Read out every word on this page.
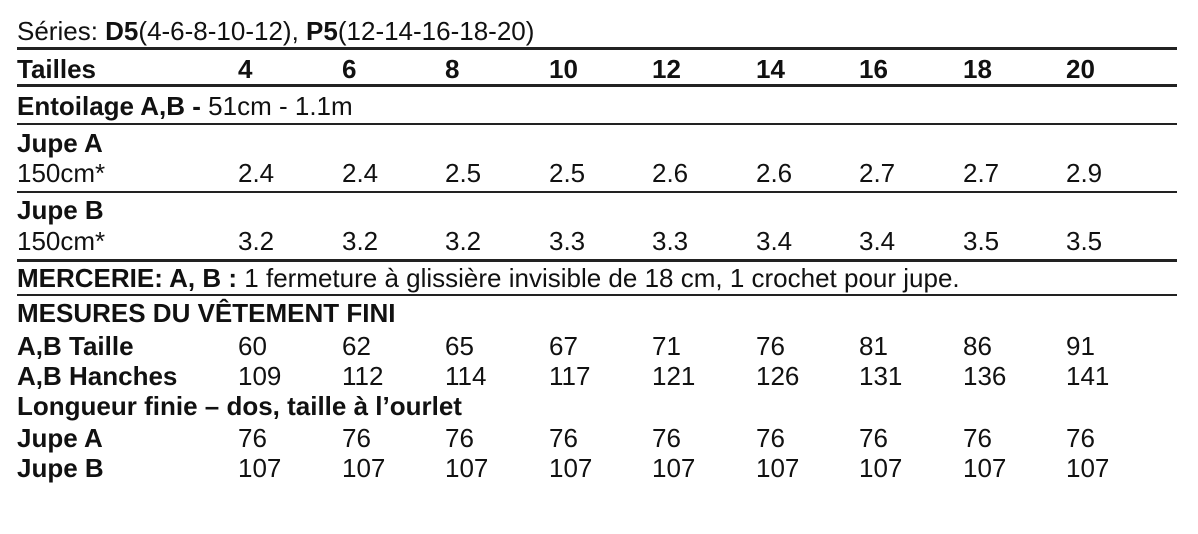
Séries: D5(4-6-8-10-12), P5(12-14-16-18-20)
Tailles	4	6	8	10	12	14	16	18	20
Entoilage A,B - 51cm - 1.1m
Jupe A
150cm*	2.4	2.4	2.5	2.5	2.6	2.6	2.7	2.7	2.9
Jupe B
150cm*	3.2	3.2	3.2	3.3	3.3	3.4	3.4	3.5	3.5
MERCERIE: A, B : 1 fermeture à glissière invisible de 18 cm, 1 crochet pour jupe.
MESURES DU VÊTEMENT FINI
A,B Taille	60	62	65	67	71	76	81	86	91
A,B Hanches 109 112 114 117 121 126 131 136 141
Longueur finie – dos, taille à l’ourlet
Jupe A	76	76	76	76	76	76	76	76	76
Jupe B	107 107 107 107 107 107 107 107 107
